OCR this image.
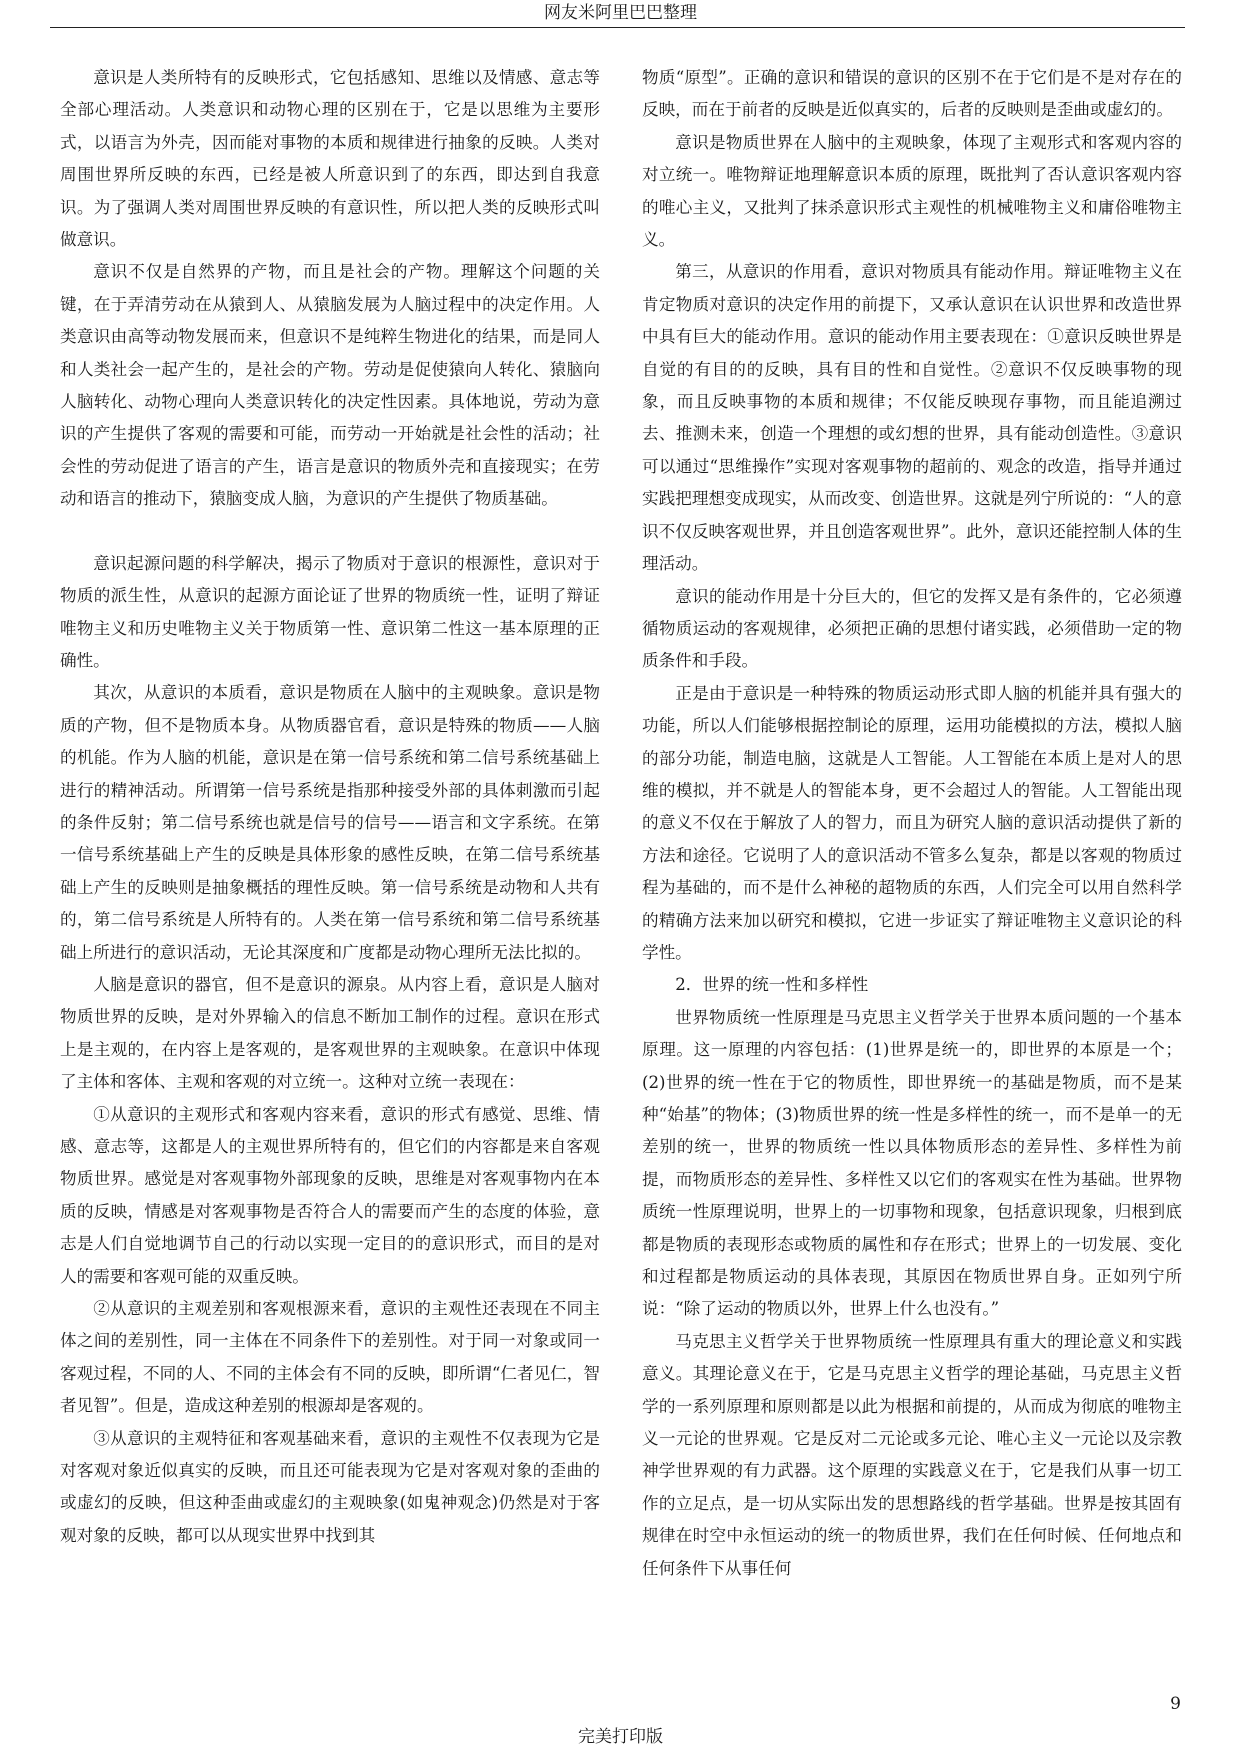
网友米阿里巴巴整理

意识是人类所特有的反映形式，它包括感知、思维以及情感、意志等全部心理活动。人类意识和动物心理的区别在于，它是以思维为主要形式，以语言为外壳，因而能对事物的本质和规律进行抽象的反映。人类对周围世界所反映的东西，已经是被人所意识到了的东西，即达到自我意识。为了强调人类对周围世界反映的有意识性，所以把人类的反映形式叫做意识。

意识不仅是自然界的产物，而且是社会的产物。理解这个问题的关键，在于弄清劳动在从猿到人、从猿脑发展为人脑过程中的决定作用。人类意识由高等动物发展而来，但意识不是纯粹生物进化的结果，而是同人和人类社会一起产生的，是社会的产物。劳动是促使猿向人转化、猿脑向人脑转化、动物心理向人类意识转化的决定性因素。具体地说，劳动为意识的产生提供了客观的需要和可能，而劳动一开始就是社会性的活动；社会性的劳动促进了语言的产生，语言是意识的物质外壳和直接现实；在劳动和语言的推动下，猿脑变成人脑，为意识的产生提供了物质基础。

意识起源问题的科学解决，揭示了物质对于意识的根源性，意识对于物质的派生性，从意识的起源方面论证了世界的物质统一性，证明了辩证唯物主义和历史唯物主义关于物质第一性、意识第二性这一基本原理的正确性。

其次，从意识的本质看，意识是物质在人脑中的主观映象。意识是物质的产物，但不是物质本身。从物质器官看，意识是特殊的物质——人脑的机能。作为人脑的机能，意识是在第一信号系统和第二信号系统基础上进行的精神活动。所谓第一信号系统是指那种接受外部的具体刺激而引起的条件反射；第二信号系统也就是信号的信号——语言和文字系统。在第一信号系统基础上产生的反映是具体形象的感性反映，在第二信号系统基础上产生的反映则是抽象概括的理性反映。第一信号系统是动物和人共有的，第二信号系统是人所特有的。人类在第一信号系统和第二信号系统基础上所进行的意识活动，无论其深度和广度都是动物心理所无法比拟的。

人脑是意识的器官，但不是意识的源泉。从内容上看，意识是人脑对物质世界的反映，是对外界输入的信息不断加工制作的过程。意识在形式上是主观的，在内容上是客观的，是客观世界的主观映象。在意识中体现了主体和客体、主观和客观的对立统一。这种对立统一表现在：

①从意识的主观形式和客观内容来看，意识的形式有感觉、思维、情感、意志等，这都是人的主观世界所特有的，但它们的内容都是来自客观物质世界。感觉是对客观事物外部现象的反映，思维是对客观事物内在本质的反映，情感是对客观事物是否符合人的需要而产生的态度的体验，意志是人们自觉地调节自己的行动以实现一定目的的意识形式，而目的是对人的需要和客观可能的双重反映。

②从意识的主观差别和客观根源来看，意识的主观性还表现在不同主体之间的差别性，同一主体在不同条件下的差别性。对于同一对象或同一客观过程，不同的人、不同的主体会有不同的反映，即所谓“仁者见仁，智者见智”。但是，造成这种差别的根源却是客观的。

③从意识的主观特征和客观基础来看，意识的主观性不仅表现为它是对客观对象近似真实的反映，而且还可能表现为它是对客观对象的歪曲的或虚幻的反映，但这种歪曲或虚幻的主观映象(如鬼神观念)仍然是对于客观对象的反映，都可以从现实世界中找到其

物质“原型”。正确的意识和错误的意识的区别不在于它们是不是对存在的反映，而在于前者的反映是近似真实的，后者的反映则是歪曲或虚幻的。

意识是物质世界在人脑中的主观映象，体现了主观形式和客观内容的对立统一。唯物辩证地理解意识本质的原理，既批判了否认意识客观内容的唯心主义，又批判了抹杀意识形式主观性的机械唯物主义和庸俗唯物主义。

第三，从意识的作用看，意识对物质具有能动作用。辩证唯物主义在肯定物质对意识的决定作用的前提下，又承认意识在认识世界和改造世界中具有巨大的能动作用。意识的能动作用主要表现在：①意识反映世界是自觉的有目的的反映，具有目的性和自觉性。②意识不仅反映事物的现象，而且反映事物的本质和规律；不仅能反映现存事物，而且能追溯过去、推测未来，创造一个理想的或幻想的世界，具有能动创造性。③意识可以通过“思维操作”实现对客观事物的超前的、观念的改造，指导并通过实践把理想变成现实，从而改变、创造世界。这就是列宁所说的：“人的意识不仅反映客观世界，并且创造客观世界”。此外，意识还能控制人体的生理活动。

意识的能动作用是十分巨大的，但它的发挥又是有条件的，它必须遵循物质运动的客观规律，必须把正确的思想付诸实践，必须借助一定的物质条件和手段。

正是由于意识是一种特殊的物质运动形式即人脑的机能并具有强大的功能，所以人们能够根据控制论的原理，运用功能模拟的方法，模拟人脑的部分功能，制造电脑，这就是人工智能。人工智能在本质上是对人的思维的模拟，并不就是人的智能本身，更不会超过人的智能。人工智能出现的意义不仅在于解放了人的智力，而且为研究人脑的意识活动提供了新的方法和途径。它说明了人的意识活动不管多么复杂，都是以客观的物质过程为基础的，而不是什么神秘的超物质的东西，人们完全可以用自然科学的精确方法来加以研究和模拟，它进一步证实了辩证唯物主义意识论的科学性。

2．世界的统一性和多样性

世界物质统一性原理是马克思主义哲学关于世界本质问题的一个基本原理。这一原理的内容包括：(1)世界是统一的，即世界的本原是一个；(2)世界的统一性在于它的物质性，即世界统一的基础是物质，而不是某种“始基”的物体；(3)物质世界的统一性是多样性的统一，而不是单一的无差别的统一，世界的物质统一性以具体物质形态的差异性、多样性为前提，而物质形态的差异性、多样性又以它们的客观实在性为基础。世界物质统一性原理说明，世界上的一切事物和现象，包括意识现象，归根到底都是物质的表现形态或物质的属性和存在形式；世界上的一切发展、变化和过程都是物质运动的具体表现，其原因在物质世界自身。正如列宁所说：“除了运动的物质以外，世界上什么也没有。”

马克思主义哲学关于世界物质统一性原理具有重大的理论意义和实践意义。其理论意义在于，它是马克思主义哲学的理论基础，马克思主义哲学的一系列原理和原则都是以此为根据和前提的，从而成为彻底的唯物主义一元论的世界观。它是反对二元论或多元论、唯心主义一元论以及宗教神学世界观的有力武器。这个原理的实践意义在于，它是我们从事一切工作的立足点，是一切从实际出发的思想路线的哲学基础。世界是按其固有规律在时空中永恒运动的统一的物质世界，我们在任何时候、任何地点和任何条件下从事任何

9
完美打印版
